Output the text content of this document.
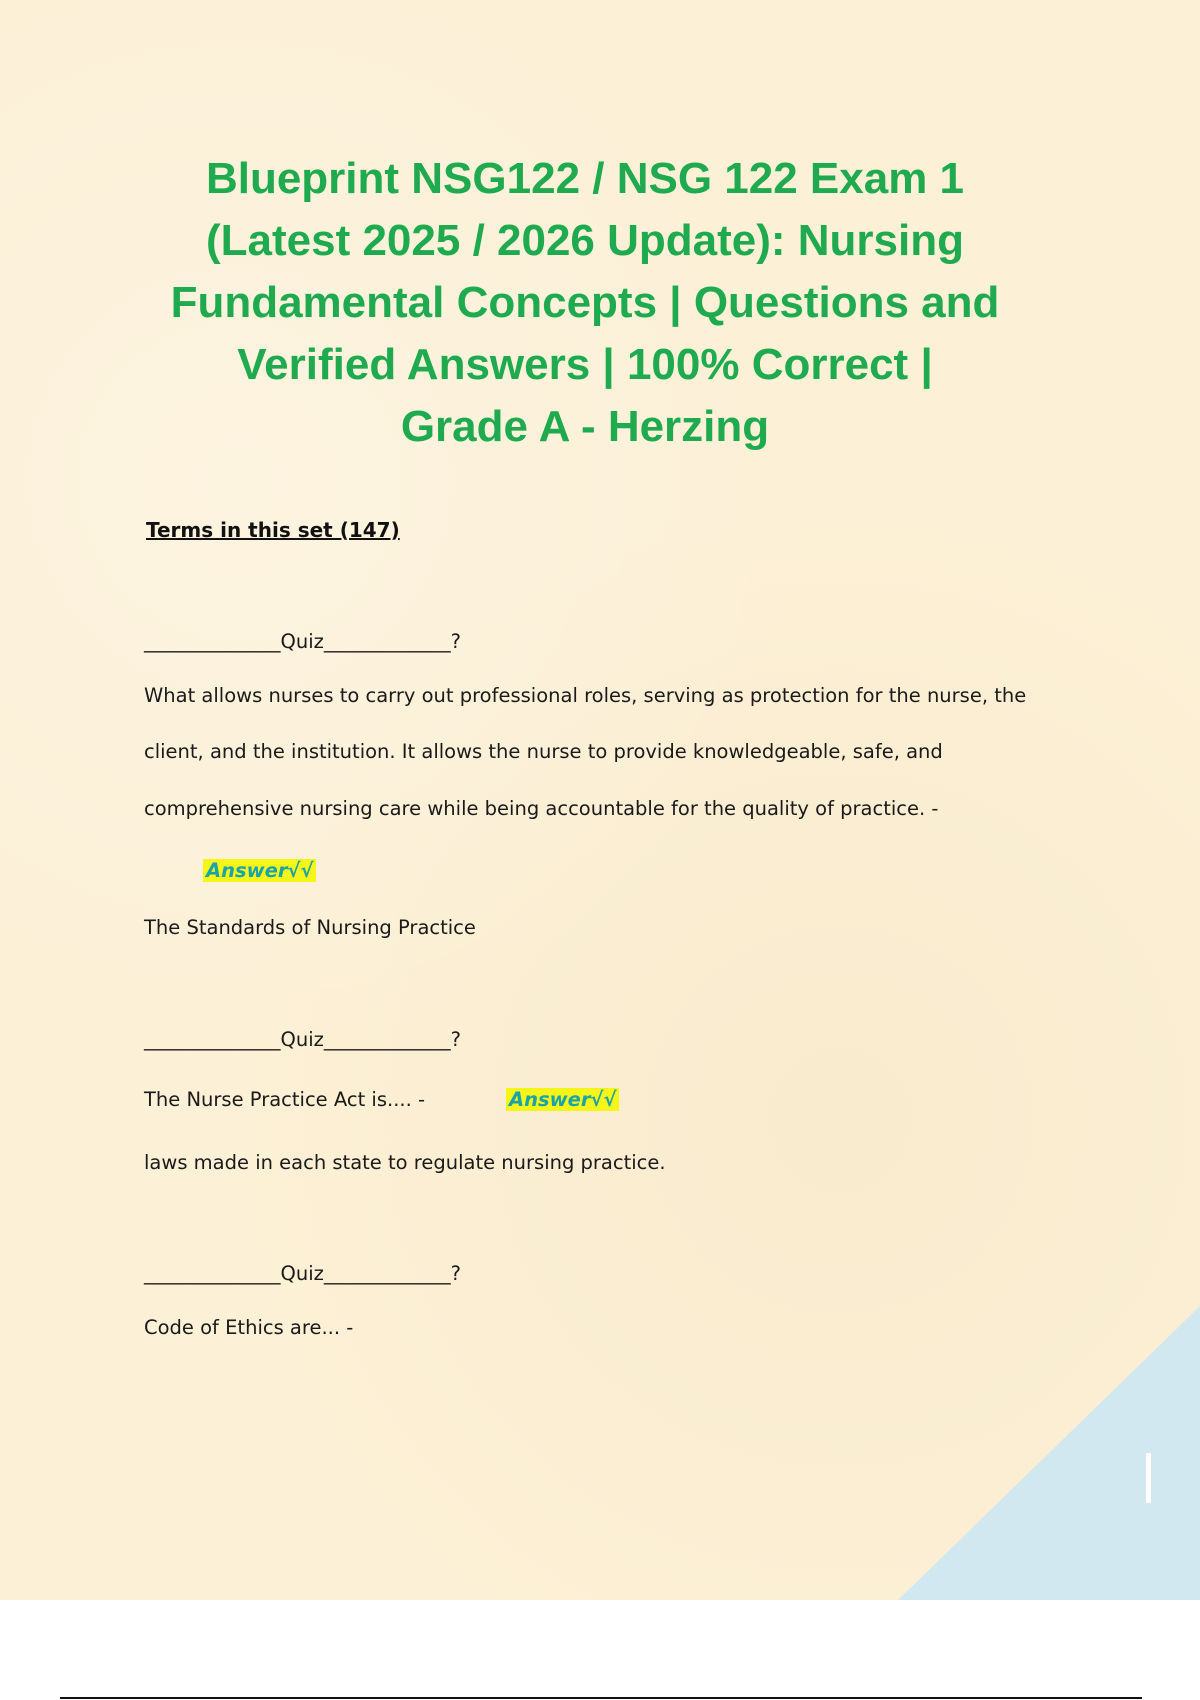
Blueprint NSG122 / NSG 122 Exam 1
(Latest 2025 / 2026 Update): Nursing
Fundamental Concepts | Questions and
Verified Answers | 100% Correct |
Grade A - Herzing
Terms in this set (147)
______________Quiz_____________?
What allows nurses to carry out professional roles, serving as protection for the nurse, the
client, and the institution. It allows the nurse to provide knowledgeable, safe, and
comprehensive nursing care while being accountable for the quality of practice. -
Answer√√
The Standards of Nursing Practice
______________Quiz_____________?
The Nurse Practice Act is.... -	Answer√√
laws made in each state to regulate nursing practice.
______________Quiz_____________?
Code of Ethics are... -
